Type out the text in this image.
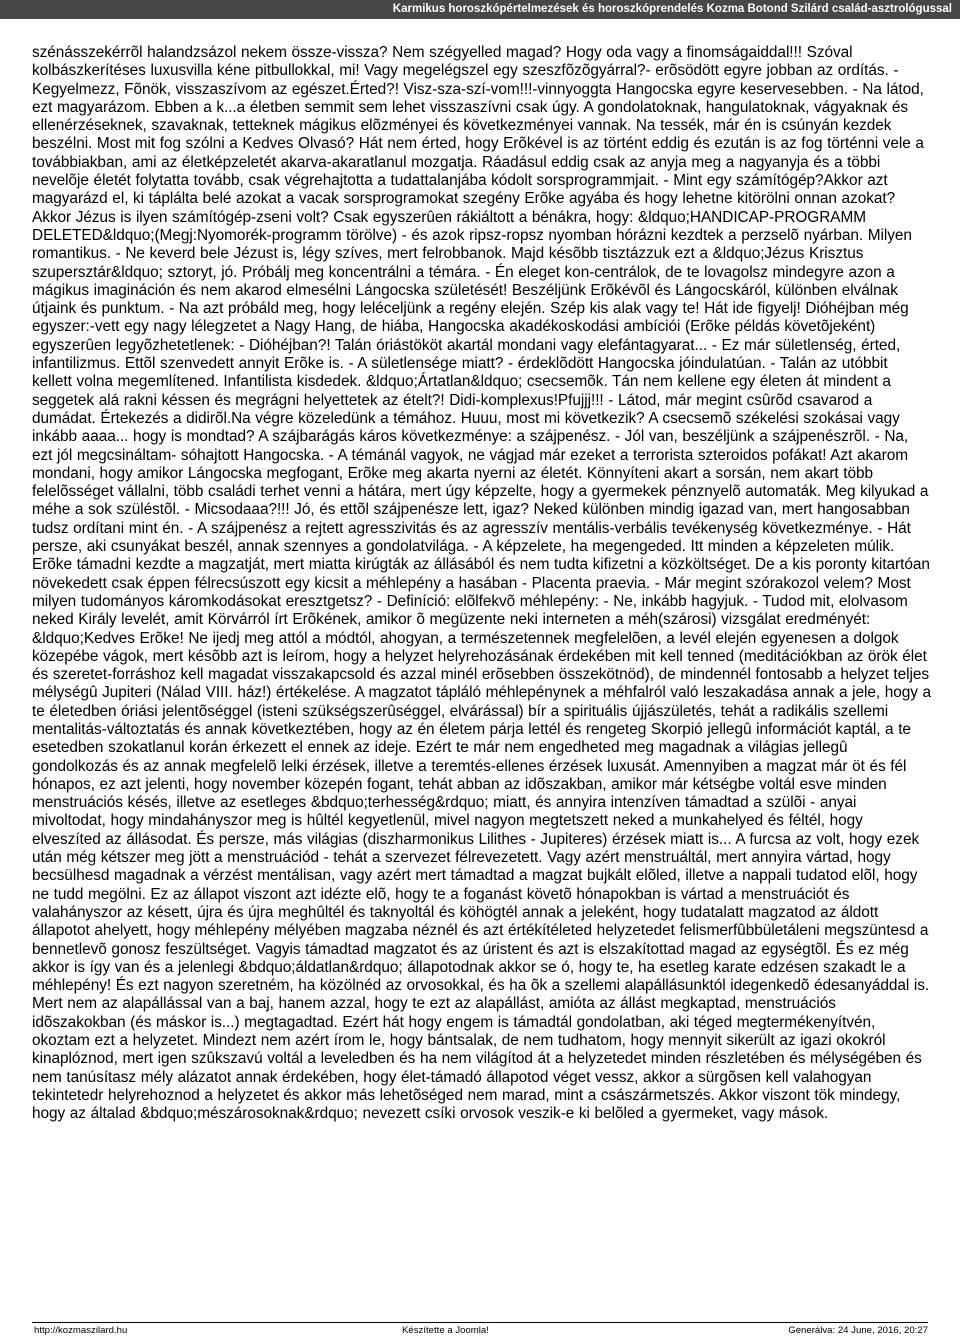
Karmikus horoszkópértelmezések és horoszkóprendelés Kozma Botond Szilárd család-asztrológussal

szénásszekérrõl halandzsázol nekem össze-vissza? Nem szégyelled magad? Hogy oda vagy a finomságaiddal!!! Szóval kolbászkerítéses luxusvilla kéne pitbullokkal, mi! Vagy megelégszel egy szeszfõzõgyárral?- erõsödött egyre jobban az ordítás. - Kegyelmezz, Fõnök, visszaszívom az egészet.Érted?! Visz-sza-szí-vom!!!-vinnyoggta Hangocska egyre keservesebben. - Na látod, ezt magyarázom. Ebben a k...a életben semmit sem lehet visszaszívni csak úgy. A gondolatoknak, hangulatoknak, vágyaknak és ellenérzéseknek, szavaknak, tetteknek mágikus elõzményei és következményei vannak. Na tessék, már én is csúnyán kezdek beszélni. Most mit fog szólni a Kedves Olvasó? Hát nem érted, hogy Erõkével is az történt eddig és ezután is az fog történni vele a továbbiakban, ami az életképzeletét akarva-akaratlanul mozgatja. Ráadásul eddig csak az anyja meg a nagyanyja és a többi nevelõje életét folytatta tovább, csak végrehajtotta a tudattalanjába kódolt sorsprogrammjait. - Mint egy számítógép?Akkor azt magyarázd el, ki táplálta belé azokat a vacak sorsprogramokat szegény Erõke agyába és hogy lehetne kitörölni onnan azokat? Akkor Jézus is ilyen számítógép-zseni volt? Csak egyszerûen rákiáltott a bénákra, hogy: &ldquo;HANDICAP-PROGRAMM DELETED&ldquo;(Megj:Nyomorék-programm törölve) - és azok ripsz-ropsz nyomban hórázni kezdtek a perzselõ nyárban. Milyen romantikus. - Ne keverd bele Jézust is, légy szíves, mert felrobbanok. Majd késõbb tisztázzuk ezt a &ldquo;Jézus Krisztus szupersztár&ldquo; sztoryt, jó. Próbálj meg koncentrálni a témára. - Én eleget kon-centrálok, de te lovagolsz mindegyre azon a mágikus imagináción és nem akarod elmesélni Lángocska születését! Beszéljünk Erõkévõl és Lángocskáról, különben elválnak útjaink és punktum. - Na azt próbáld meg, hogy leléceljünk a regény elején. Szép kis alak vagy te! Hát ide figyelj! Dióhéjban még egyszer:-vett egy nagy lélegzetet a Nagy Hang, de hiába, Hangocska akadékoskodási ambíciói (Erõke példás követõjeként) egyszerûen legyõzhetetlenek: - Dióhéjban?! Talán óriástököt akartál mondani vagy elefántagyarat... - Ez már sületlenség, érted, infantilizmus. Ettõl szenvedett annyit Erõke is. - A sületlensége miatt? - érdeklõdött Hangocska jóindulatúan. - Talán az utóbbit kellett volna megemlítened. Infantilista kisdedek. &ldquo;Ártatlan&ldquo; csecsemõk. Tán nem kellene egy életen át mindent a seggetek alá rakni késsen és megrágni helyettetek az ételt?! Didi-komplexus!Pfujjj!!! - Látod, már megint csûrõd csavarod a dumádat. Értekezés a didirõl.Na végre közeledünk a témához. Huuu, most mi következik? A csecsemõ székelési szokásai vagy inkább aaaa... hogy is mondtad? A szájbarágás káros következménye: a szájpenész. - Jól van, beszéljünk a szájpenészrõl. - Na, ezt jól megcsináltam- sóhajtott Hangocska. - A témánál vagyok, ne vágjad már ezeket a terrorista szteroidos pofákat! Azt akarom mondani, hogy amikor Lángocska megfogant, Erõke meg akarta nyerni az életét. Könnyíteni akart a sorsán, nem akart több felelõsséget vállalni, több családi terhet venni a hátára, mert úgy képzelte, hogy a gyermekek pénznyelõ automaták. Meg kilyukad a méhe a sok szüléstõl. - Micsodaaa?!!! Jó, és ettõl szájpenésze lett, igaz? Neked különben mindig igazad van, mert hangosabban tudsz ordítani mint én. - A szájpenész a rejtett agresszivitás és az agresszív mentális-verbális tevékenység következménye. - Hát persze, aki csunyákat beszél, annak szennyes a gondolatvilága. - A képzelete, ha megengeded. Itt minden a képzeleten múlik. Erõke támadni kezdte a magzatját, mert miatta kirúgták az állásából és nem tudta kifizetni a közköltséget. De a kis poronty kitartóan növekedett csak éppen félrecsúszott egy kicsit a méhlepény a hasában - Placenta praevia. - Már megint szórakozol velem? Most milyen tudományos káromkodásokat eresztgetsz? - Definíció: elõlfekvõ méhlepény: - Ne, inkább hagyjuk. - Tudod mit, elolvasom neked Király levelét, amit Körvárról írt Erõkének, amikor õ megüzente neki interneten a méh(szárosi) vizsgálat eredményét: &ldquo;Kedves Erõke! Ne ijedj meg attól a módtól, ahogyan, a természetennek megfelelõen, a levél elején egyenesen a dolgok közepébe vágok, mert késõbb azt is leírom, hogy a helyzet helyrehozásának érdekében mit kell tenned (meditációkban az örök élet és szeretet-forráshoz kell magadat visszakapcsold és azzal minél erõsebben összekötnöd), de mindennél fontosabb a helyzet teljes mélységû Jupiteri (Nálad VIII. ház!) értékelése. A magzatot tápláló méhlepénynek a méhfalról való leszakadása annak a jele, hogy a te életedben óriási jelentõséggel (isteni szükségszerûséggel, elvárással) bír a spirituális újjászületés, tehát a radikális szellemi mentalitás-változtatás és annak következtében, hogy az én életem párja lettél és rengeteg Skorpió jellegû információt kaptál, a te esetedben szokatlanul korán érkezett el ennek az ideje. Ezért te már nem engedheted meg magadnak a világias jellegû gondolkozás és az annak megfelelõ lelki érzések, illetve a teremtés-ellenes érzések luxusát. Amennyiben a magzat már öt és fél hónapos, ez azt jelenti, hogy november közepén fogant, tehát abban az idõszakban, amikor már kétségbe voltál esve minden menstruációs késés, illetve az esetleges &bdquo;terhesség&rdquo; miatt, és annyira intenzíven támadtad a szülõi - anyai mivoltodat, hogy mindahányszor meg is hûltél kegyetlenül, mivel nagyon megtetszett neked a munkahelyed és féltél, hogy elveszíted az állásodat. És persze, más világias (diszharmonikus Lilithes - Jupiteres) érzések miatt is... A furcsa az volt, hogy ezek után még kétszer meg jött a menstruációd - tehát a szervezet félrevezetett. Vagy azért menstruáltál, mert annyira vártad, hogy becsülhesd magadnak a vérzést mentálisan, vagy azért mert támadtad a magzat bujkált elõled, illetve a nappali tudatod elõl, hogy ne tudd megölni. Ez az állapot viszont azt idézte elõ, hogy te a foganást követõ hónapokban is vártad a menstruációt és valahányszor az késett, újra és újra meghûltél és taknyoltál és köhögtél annak a jeleként, hogy tudatalatt magzatod az áldott állapotot ahelyett, hogy méhlepény mélyében magzaba néznél és azt értékítéleted helyzetedet felismerfûbbületáleni megszüntesd a bennetlevõ gonosz feszültséget. Vagyis támadtad magzatot és az úristent és azt is elszakítottad magad az egységtõl. És ez még akkor is így van és a jelenlegi &bdquo;áldatlan&rdquo; állapotodnak akkor se ó, hogy te, ha esetleg karate edzésen szakadt le a méhlepény! És ezt nagyon szeretném, ha közölnéd az orvosokkal, és ha õk a szellemi alapállásunktól idegenkedõ édesanyáddal is. Mert nem az alapállással van a baj, hanem azzal, hogy te ezt az alapállást, amióta az állást megkaptad, menstruációs idõszakokban (és máskor is...) megtagadtad. Ezért hát hogy engem is támadtál gondolatban, aki téged megtermékenyítvén, okoztam ezt a helyzetet. Mindezt nem azért írom le, hogy bántsalak, de nem tudhatom, hogy mennyit sikerült az igazi okokról kinaplóznod, mert igen szûkszavú voltál a leveledben és ha nem világítod át a helyzetedet minden részletében és mélységében és nem tanúsítasz mély alázatot annak érdekében, hogy élet-támadó állapotod véget vessz, akkor a sürgõsen kell valahogyan tekintetedr helyrehoznod a helyzetet és akkor más lehetõséged nem marad, mint a császármetszés. Akkor viszont tök mindegy, hogy az általad &bdquo;mészárosoknak&rdquo; nevezett csíki orvosok veszik-e ki belõled a gyermeket, vagy mások.

http://kozmaszilard.hu	Készítette a Joomla!	Generálva: 24 June, 2016, 20:27
